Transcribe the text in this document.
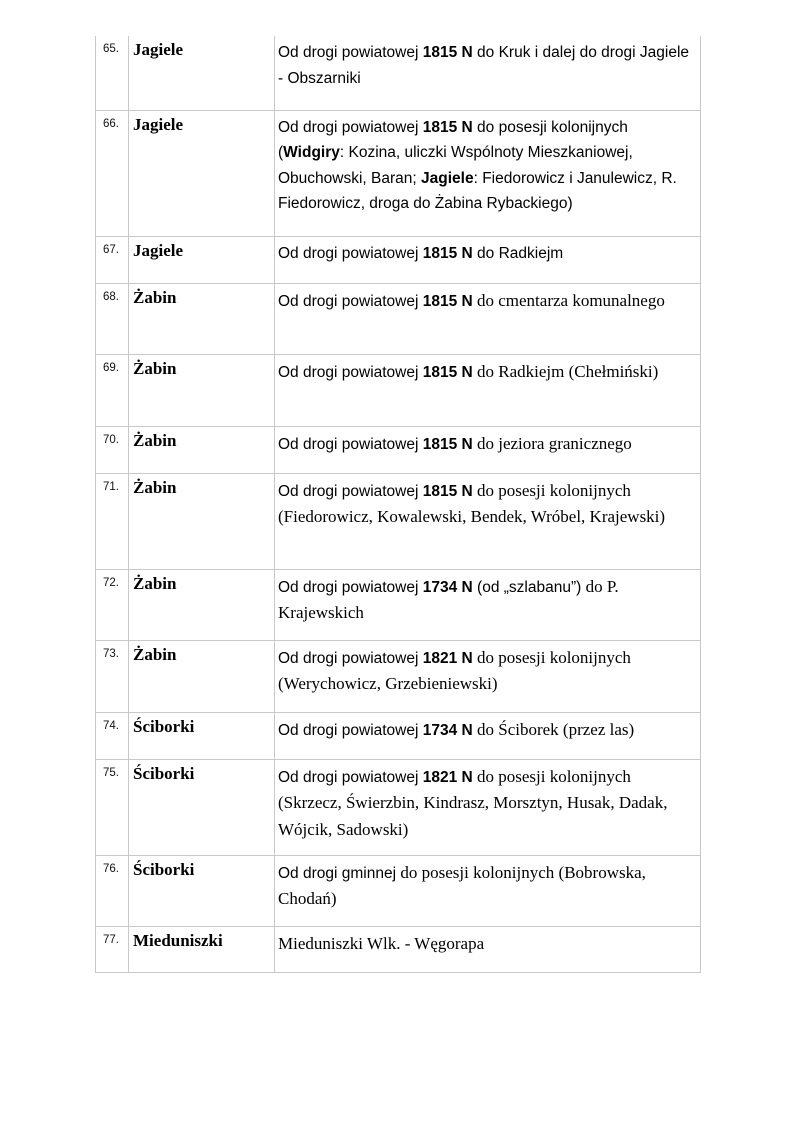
65.	Jagiele	Od drogi powiatowej 1815 N do Kruk i dalej do drogi Jagiele - Obszarniki
66.	Jagiele	Od drogi powiatowej 1815 N do posesji kolonijnych (Widgiry: Kozina, uliczki Wspólnoty Mieszkaniowej, Obuchowski, Baran; Jagiele: Fiedorowicz i Janulewicz, R. Fiedorowicz, droga do Żabina Rybackiego)
67.	Jagiele	Od drogi powiatowej 1815 N do Radkiejm
68.	Żabin	Od drogi powiatowej 1815 N do cmentarza komunalnego
69.	Żabin	Od drogi powiatowej 1815 N do Radkiejm (Chełmiński)
70.	Żabin	Od drogi powiatowej 1815 N do jeziora granicznego
71.	Żabin	Od drogi powiatowej 1815 N do posesji kolonijnych (Fiedorowicz, Kowalewski, Bendek, Wróbel, Krajewski)
72.	Żabin	Od drogi powiatowej 1734 N (od „szlabanu”) do P. Krajewskich
73.	Żabin	Od drogi powiatowej 1821 N do posesji kolonijnych (Werychowicz, Grzebieniewski)
74.	Ściborki	Od drogi powiatowej 1734 N do Ściborek (przez las)
75.	Ściborki	Od drogi powiatowej 1821 N do posesji kolonijnych (Skrzecz, Świerzbin, Kindrasz, Morsztyn, Husak, Dadak, Wójcik, Sadowski)
76.	Ściborki	Od drogi gminnej do posesji kolonijnych (Bobrowska, Chodań)
77.	Mieduniszki	Mieduniszki Wlk. - Węgorapa
